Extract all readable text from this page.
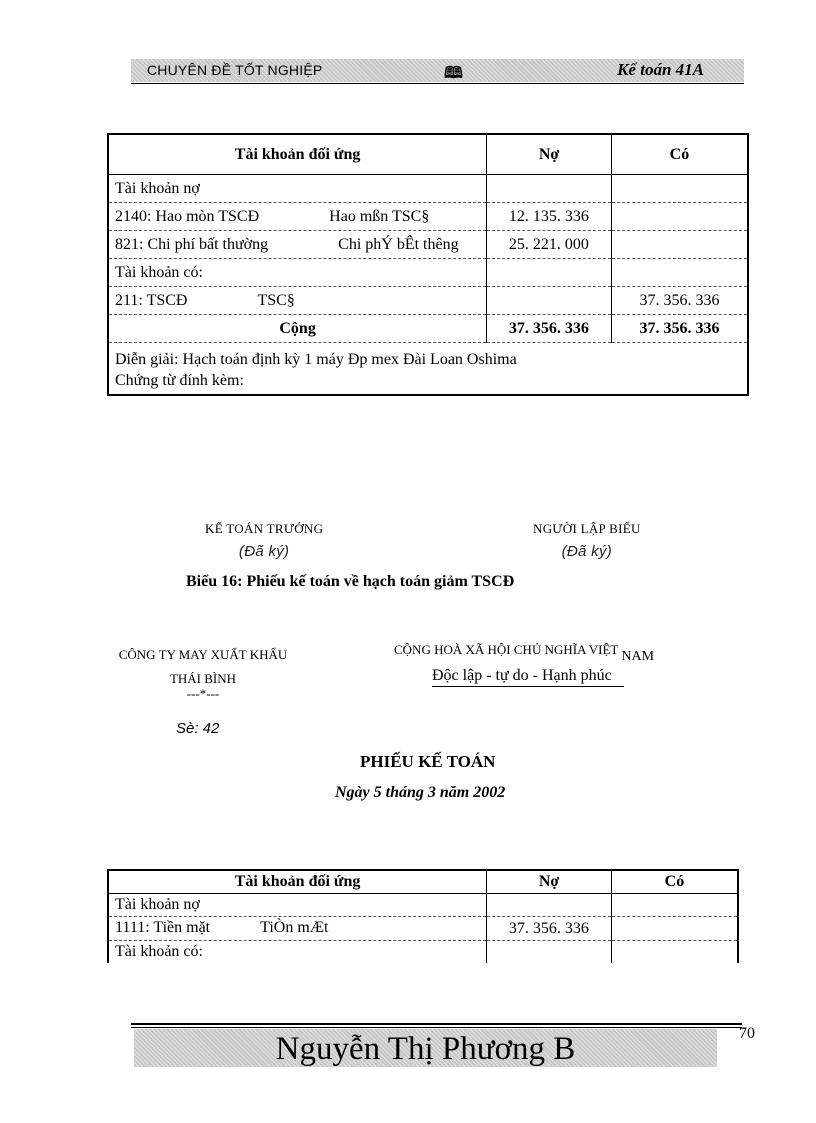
CHUYÊN ĐỀ TỐT NGHIỆP	🕮	Kế toán 41A
Tài khoản đối ứng	Nợ	Có
Tài khoản nợ		
2140: Hao mòn TSCĐ Hao mßn TSC§	12. 135. 336	
821: Chi phí bất thường Chi phÝ bÊt thêng	25. 221. 000	
Tài khoản có:		
211: TSCĐ TSC§		37. 356. 336
Cộng	37. 356. 336	37. 356. 336

Diễn giải: Hạch toán định kỳ 1 máy Đp mex Đài Loan Oshima
Chứng từ đính kèm:		
KẾ TOÁN TRƯỞNG
(Đã ký)
NGƯỜI LẬP BIỂU
(Đã ký)
Biểu 16: Phiếu kế toán về hạch toán giảm TSCĐ
CÔNG TY MAY XUẤT KHẨU
THÁI BÌNH
---*---
CỘNG HOÀ XÃ HỘI CHỦ NGHĨA VIỆT NAM
Độc lập - tự do - Hạnh phúc
Sè: 42
PHIẾU KẾ TOÁN
Ngày 5 tháng 3 năm 2002
Tài khoản đối ứng	Nợ	Có
Tài khoản nợ		
1111: Tiền mặt TiÒn mÆt	37. 356. 336	
Tài khoản có:		
Nguyễn Thị Phương B	70
